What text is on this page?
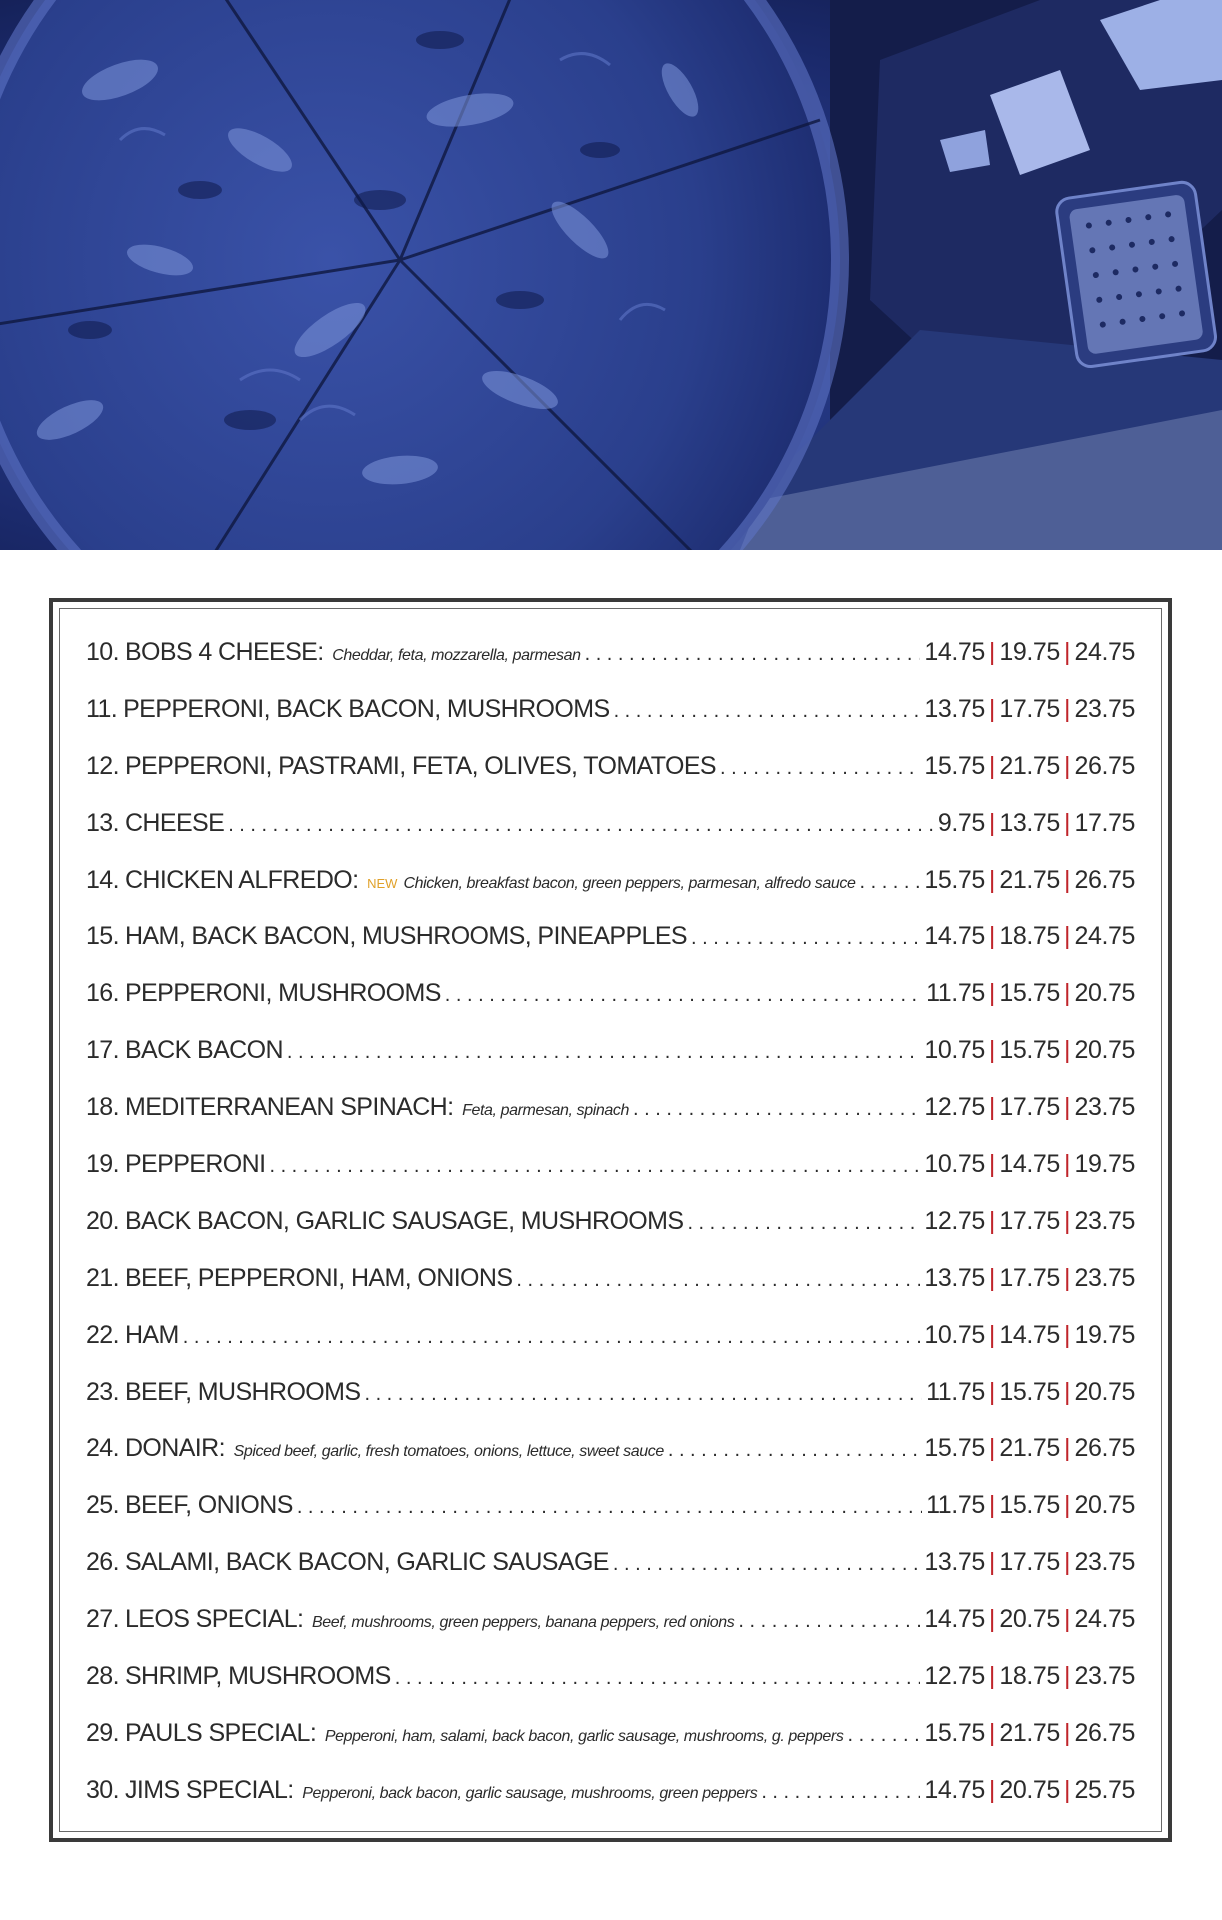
10. BOBS 4 CHEESE : Cheddar, feta, mozzarella, parmesan . . .	14.75 | 19.75 | 24.75
11. PEPPERONI, BACK BACON, MUSHROOMS . . .	13.75 | 17.75 | 23.75
12. PEPPERONI, PASTRAMI, FETA, OLIVES, TOMATOES . . .	15.75 | 21.75 | 26.75
13. CHEESE . . .	9.75 | 13.75 | 17.75
14. CHICKEN ALFREDO : NEW Chicken, breakfast bacon, green peppers, parmesan, alfredo sauce . . .	15.75 | 21.75 | 26.75
15. HAM, BACK BACON, MUSHROOMS, PINEAPPLES . . .	14.75 | 18.75 | 24.75
16. PEPPERONI, MUSHROOMS . . .	11.75 | 15.75 | 20.75
17. BACK BACON . . .	10.75 | 15.75 | 20.75
18. MEDITERRANEAN SPINACH : Feta, parmesan, spinach . . .	12.75 | 17.75 | 23.75
19. PEPPERONI . . .	10.75 | 14.75 | 19.75
20. BACK BACON, GARLIC SAUSAGE, MUSHROOMS . . .	12.75 | 17.75 | 23.75
21. BEEF, PEPPERONI, HAM, ONIONS . . .	13.75 | 17.75 | 23.75
22. HAM . . .	10.75 | 14.75 | 19.75
23. BEEF, MUSHROOMS . . .	11.75 | 15.75 | 20.75
24. DONAIR : Spiced beef, garlic, fresh tomatoes, onions, lettuce, sweet sauce . . .	15.75 | 21.75 | 26.75
25. BEEF, ONIONS . . .	11.75 | 15.75 | 20.75
26. SALAMI, BACK BACON, GARLIC SAUSAGE . . .	13.75 | 17.75 | 23.75
27. LEOS SPECIAL : Beef, mushrooms, green peppers, banana peppers, red onions . . .	14.75 | 20.75 | 24.75
28. SHRIMP, MUSHROOMS . . .	12.75 | 18.75 | 23.75
29. PAULS SPECIAL : Pepperoni, ham, salami, back bacon, garlic sausage, mushrooms, g. peppers . . .	15.75 | 21.75 | 26.75
30. JIMS SPECIAL : Pepperoni, back bacon, garlic sausage, mushrooms, green peppers . . .	14.75 | 20.75 | 25.75
